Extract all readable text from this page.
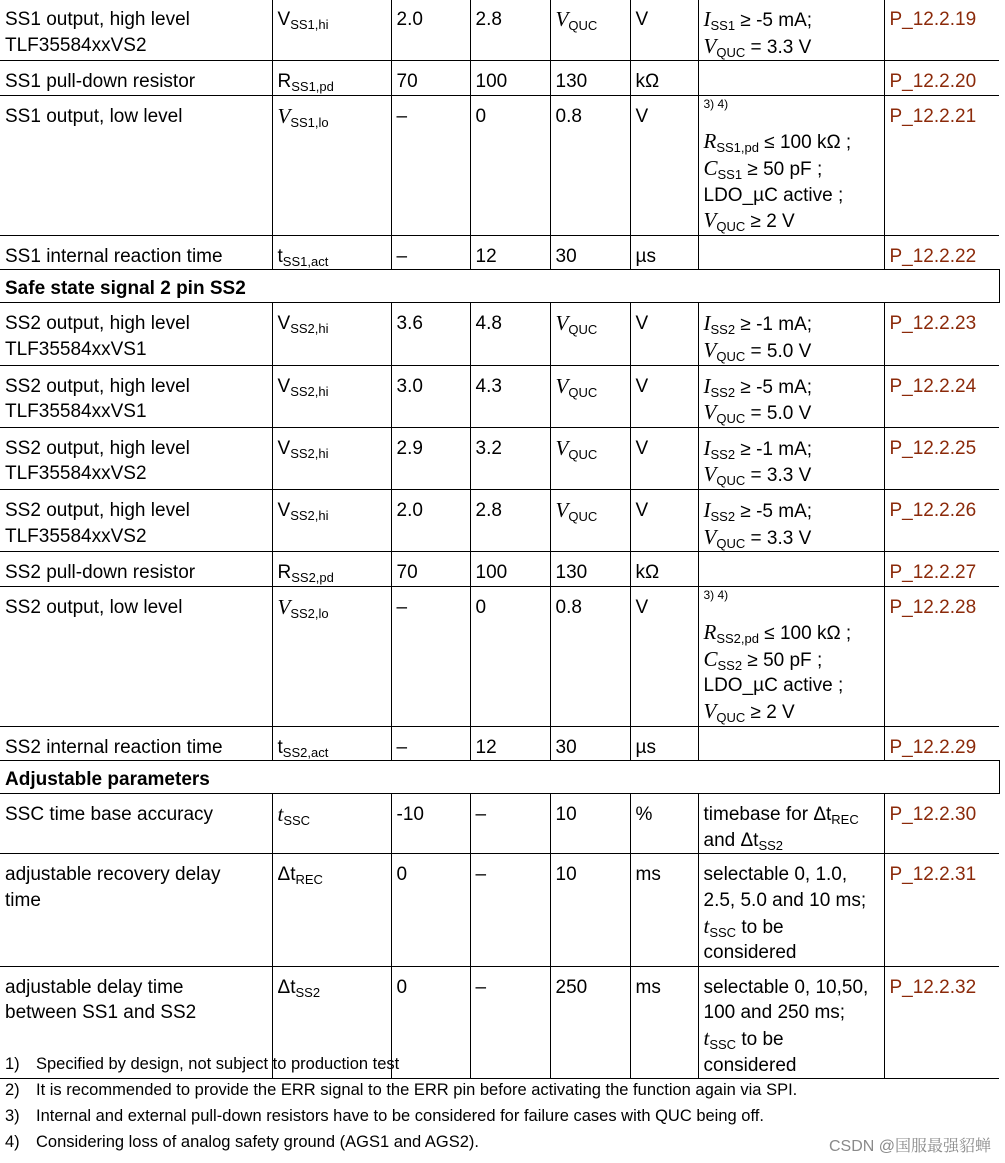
SS1 output, high level
TLF35584xxVS2	$V_{SS1,hi}$	2.0	2.8	$V_{QUC}$	V	$I_{SS1} \ge -5$ mA;
$V_{QUC} = 3.3$ V	P_12.2.19

SS1 pull-down resistor	$R_{SS1,pd}$	70	100	130	kΩ		P_12.2.20

SS1 output, low level	$V_{SS1,lo}$	–	0	0.8	V	3) 4)
$R_{SS1,pd} \le 100$ kΩ ;
$C_{SS1} \ge 50$ pF ;
LDO_µC active ;
$V_{QUC} \ge 2$ V	P_12.2.21

SS1 internal reaction time	$t_{SS1,act}$	–	12	30	µs		P_12.2.22
Safe state signal 2 pin SS2							

SS2 output, high level
TLF35584xxVS1	$V_{SS2,hi}$	3.6	4.8	$V_{QUC}$	V	$I_{SS2} \ge -1$ mA;
$V_{QUC} = 5.0$ V	P_12.2.23

SS2 output, high level
TLF35584xxVS1	$V_{SS2,hi}$	3.0	4.3	$V_{QUC}$	V	$I_{SS2} \ge -5$ mA;
$V_{QUC} = 5.0$ V	P_12.2.24

SS2 output, high level
TLF35584xxVS2	$V_{SS2,hi}$	2.9	3.2	$V_{QUC}$	V	$I_{SS2} \ge -1$ mA;
$V_{QUC} = 3.3$ V	P_12.2.25

SS2 output, high level
TLF35584xxVS2	$V_{SS2,hi}$	2.0	2.8	$V_{QUC}$	V	$I_{SS2} \ge -5$ mA;
$V_{QUC} = 3.3$ V	P_12.2.26

SS2 pull-down resistor	$R_{SS2,pd}$	70	100	130	kΩ		P_12.2.27

SS2 output, low level	$V_{SS2,lo}$	–	0	0.8	V	3) 4)
$R_{SS2,pd} \le 100$ kΩ ;
$C_{SS2} \ge 50$ pF ;
LDO_µC active ;
$V_{QUC} \ge 2$ V	P_12.2.28

SS2 internal reaction time	$t_{SS2,act}$	–	12	30	µs		P_12.2.29
Adjustable parameters							

SSC time base accuracy	$t_{SSC}$	-10	–	10	%	timebase for $\Delta t_{REC}$
and $\Delta t_{SS2}$	P_12.2.30

adjustable recovery delay
time	$\Delta t_{REC}$	0	–	10	ms	selectable 0, 1.0,
2.5, 5.0 and 10 ms;
$t_{SSC}$ to be
considered	P_12.2.31

adjustable delay time
between SS1 and SS2	$\Delta t_{SS2}$	0	–	250	ms	selectable 0, 10,50,
100 and 250 ms;
$t_{SSC}$ to be
considered	P_12.2.32
1) Specified by design, not subject to production test
2) It is recommended to provide the ERR signal to the ERR pin before activating the function again via SPI.
3) Internal and external pull-down resistors have to be considered for failure cases with QUC being off.
4) Considering loss of analog safety ground (AGS1 and AGS2).	CSDN @国服最强貂蝉
